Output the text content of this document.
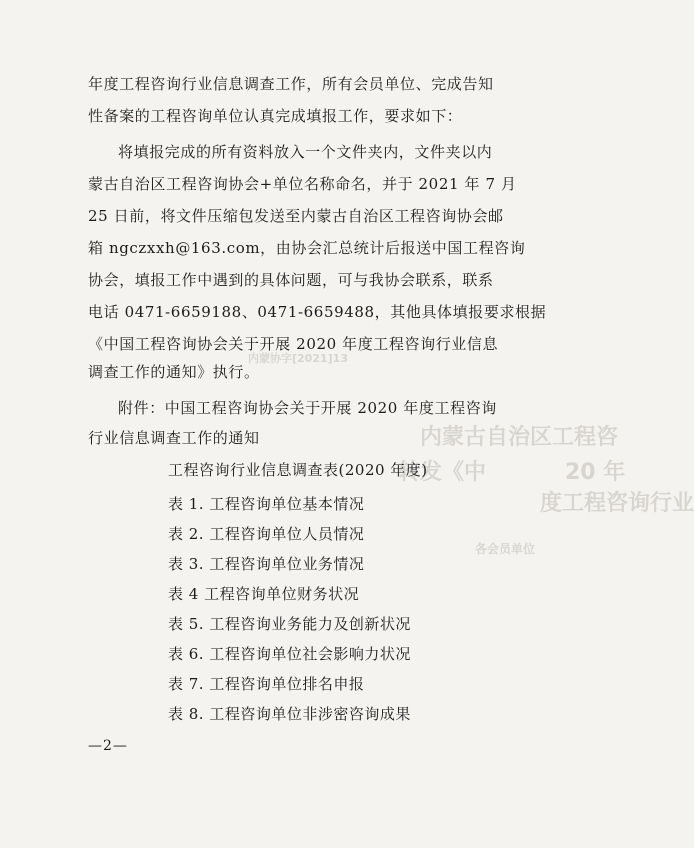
内蒙协字[2021]13
内蒙古自治区工程咨
转发《中	20 年
度工程咨询行业
各会员单位
年度工程咨询行业信息调查工作，所有会员单位、完成告知
性备案的工程咨询单位认真完成填报工作，要求如下：
将填报完成的所有资料放入一个文件夹内，文件夹以内
蒙古自治区工程咨询协会+单位名称命名，并于 2021 年 7 月
25 日前，将文件压缩包发送至内蒙古自治区工程咨询协会邮
箱 ngczxxh@163.com，由协会汇总统计后报送中国工程咨询
协会，填报工作中遇到的具体问题，可与我协会联系，联系
电话 0471-6659188、0471-6659488，其他具体填报要求根据
《中国工程咨询协会关于开展 2020 年度工程咨询行业信息
调查工作的通知》执行。
附件：中国工程咨询协会关于开展 2020 年度工程咨询
行业信息调查工作的通知
工程咨询行业信息调查表(2020 年度)
表 1. 工程咨询单位基本情况
表 2. 工程咨询单位人员情况
表 3. 工程咨询单位业务情况
表 4 工程咨询单位财务状况
表 5. 工程咨询业务能力及创新状况
表 6. 工程咨询单位社会影响力状况
表 7. 工程咨询单位排名申报
表 8. 工程咨询单位非涉密咨询成果
—2—
